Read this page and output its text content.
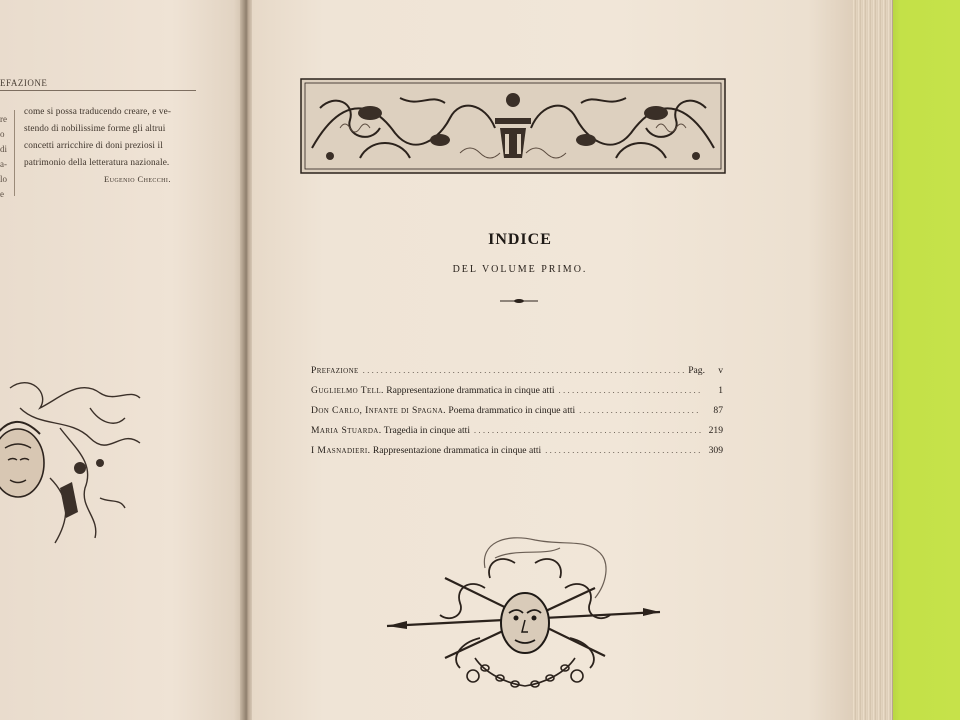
EFAZIONE
re
o
di
a-
lo
e
come si possa traducendo creare, e ve-
stendo di nobilissime forme gli altrui
concetti arricchire di doni preziosi il
patrimonio della letteratura nazionale.
Eugenio Checchi.
INDICE
DEL VOLUME PRIMO.
Prefazione .....	Pag.	v
Guglielmo Tell. Rappresentazione drammatica in cinque atti .....	1
Don Carlo, Infante di Spagna. Poema drammatico in cinque atti .....	87
Maria Stuarda. Tragedia in cinque atti .....	219
I Masnadieri. Rappresentazione drammatica in cinque atti .....	309
